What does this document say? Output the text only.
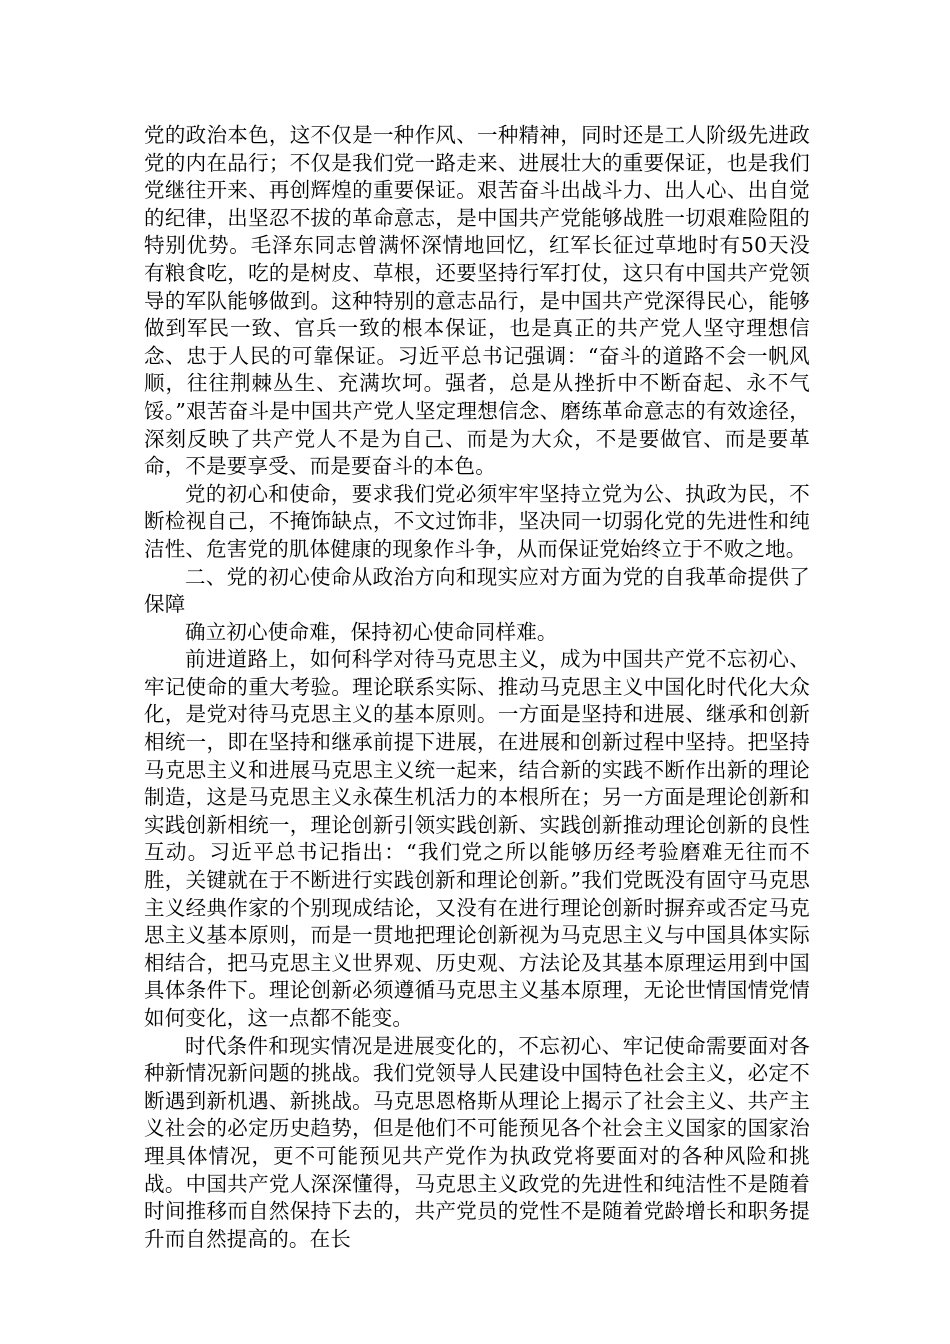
党的政治本色，这不仅是一种作风、一种精神，同时还是工人阶级先进政党的内在品行；不仅是我们党一路走来、进展壮大的重要保证，也是我们党继往开来、再创辉煌的重要保证。艰苦奋斗出战斗力、出人心、出自觉的纪律，出坚忍不拔的革命意志，是中国共产党能够战胜一切艰难险阻的特别优势。毛泽东同志曾满怀深情地回忆，红军长征过草地时有50天没有粮食吃，吃的是树皮、草根，还要坚持行军打仗，这只有中国共产党领导的军队能够做到。这种特别的意志品行，是中国共产党深得民心，能够做到军民一致、官兵一致的根本保证，也是真正的共产党人坚守理想信念、忠于人民的可靠保证。习近平总书记强调：“奋斗的道路不会一帆风顺，往往荆棘丛生、充满坎坷。强者，总是从挫折中不断奋起、永不气馁。”艰苦奋斗是中国共产党人坚定理想信念、磨练革命意志的有效途径，深刻反映了共产党人不是为自己、而是为大众，不是要做官、而是要革命，不是要享受、而是要奋斗的本色。

党的初心和使命，要求我们党必须牢牢坚持立党为公、执政为民，不断检视自己，不掩饰缺点，不文过饰非，坚决同一切弱化党的先进性和纯洁性、危害党的肌体健康的现象作斗争，从而保证党始终立于不败之地。

二、党的初心使命从政治方向和现实应对方面为党的自我革命提供了保障

确立初心使命难，保持初心使命同样难。

前进道路上，如何科学对待马克思主义，成为中国共产党不忘初心、牢记使命的重大考验。理论联系实际、推动马克思主义中国化时代化大众化，是党对待马克思主义的基本原则。一方面是坚持和进展、继承和创新相统一，即在坚持和继承前提下进展，在进展和创新过程中坚持。把坚持马克思主义和进展马克思主义统一起来，结合新的实践不断作出新的理论制造，这是马克思主义永葆生机活力的本根所在；另一方面是理论创新和实践创新相统一，理论创新引领实践创新、实践创新推动理论创新的良性互动。习近平总书记指出：“我们党之所以能够历经考验磨难无往而不胜，关键就在于不断进行实践创新和理论创新。”我们党既没有固守马克思主义经典作家的个别现成结论，又没有在进行理论创新时摒弃或否定马克思主义基本原则，而是一贯地把理论创新视为马克思主义与中国具体实际相结合，把马克思主义世界观、历史观、方法论及其基本原理运用到中国具体条件下。理论创新必须遵循马克思主义基本原理，无论世情国情党情如何变化，这一点都不能变。

时代条件和现实情况是进展变化的，不忘初心、牢记使命需要面对各种新情况新问题的挑战。我们党领导人民建设中国特色社会主义，必定不断遇到新机遇、新挑战。马克思恩格斯从理论上揭示了社会主义、共产主义社会的必定历史趋势，但是他们不可能预见各个社会主义国家的国家治理具体情况，更不可能预见共产党作为执政党将要面对的各种风险和挑战。中国共产党人深深懂得，马克思主义政党的先进性和纯洁性不是随着时间推移而自然保持下去的，共产党员的党性不是随着党龄增长和职务提升而自然提高的。在长
